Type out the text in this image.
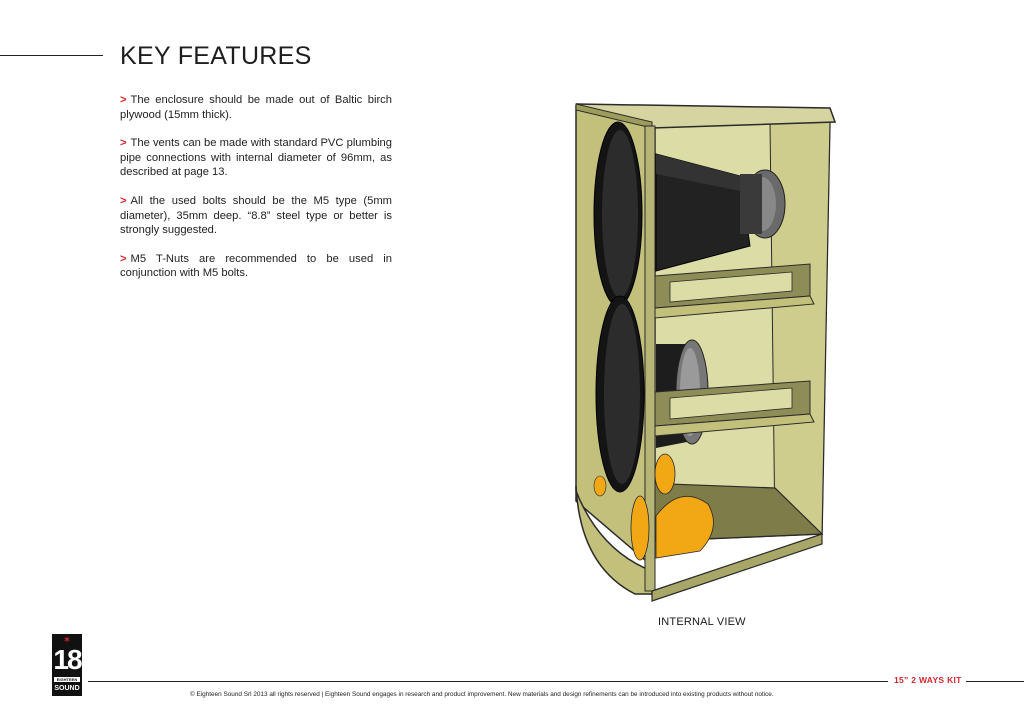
KEY FEATURES

> The enclosure should be made out of Baltic birch plywood (15mm thick).

> The vents can be made with standard PVC plumbing pipe connections with internal diameter of 96mm, as described at page 13.

> All the used bolts should be the M5 type (5mm diameter), 35mm deep. “8.8” steel type or better is strongly suggested.

> M5 T-Nuts are recommended to be used in conjunction with M5 bolts.

INTERNAL VIEW
✶
18
EIGHTEEN
SOUND
15” 2 WAYS KIT
© Eighteen Sound Srl 2013 all rights reserved | Eighteen Sound engages in research and product improvement. New materials and design refinements can be introduced into existing products without notice.
